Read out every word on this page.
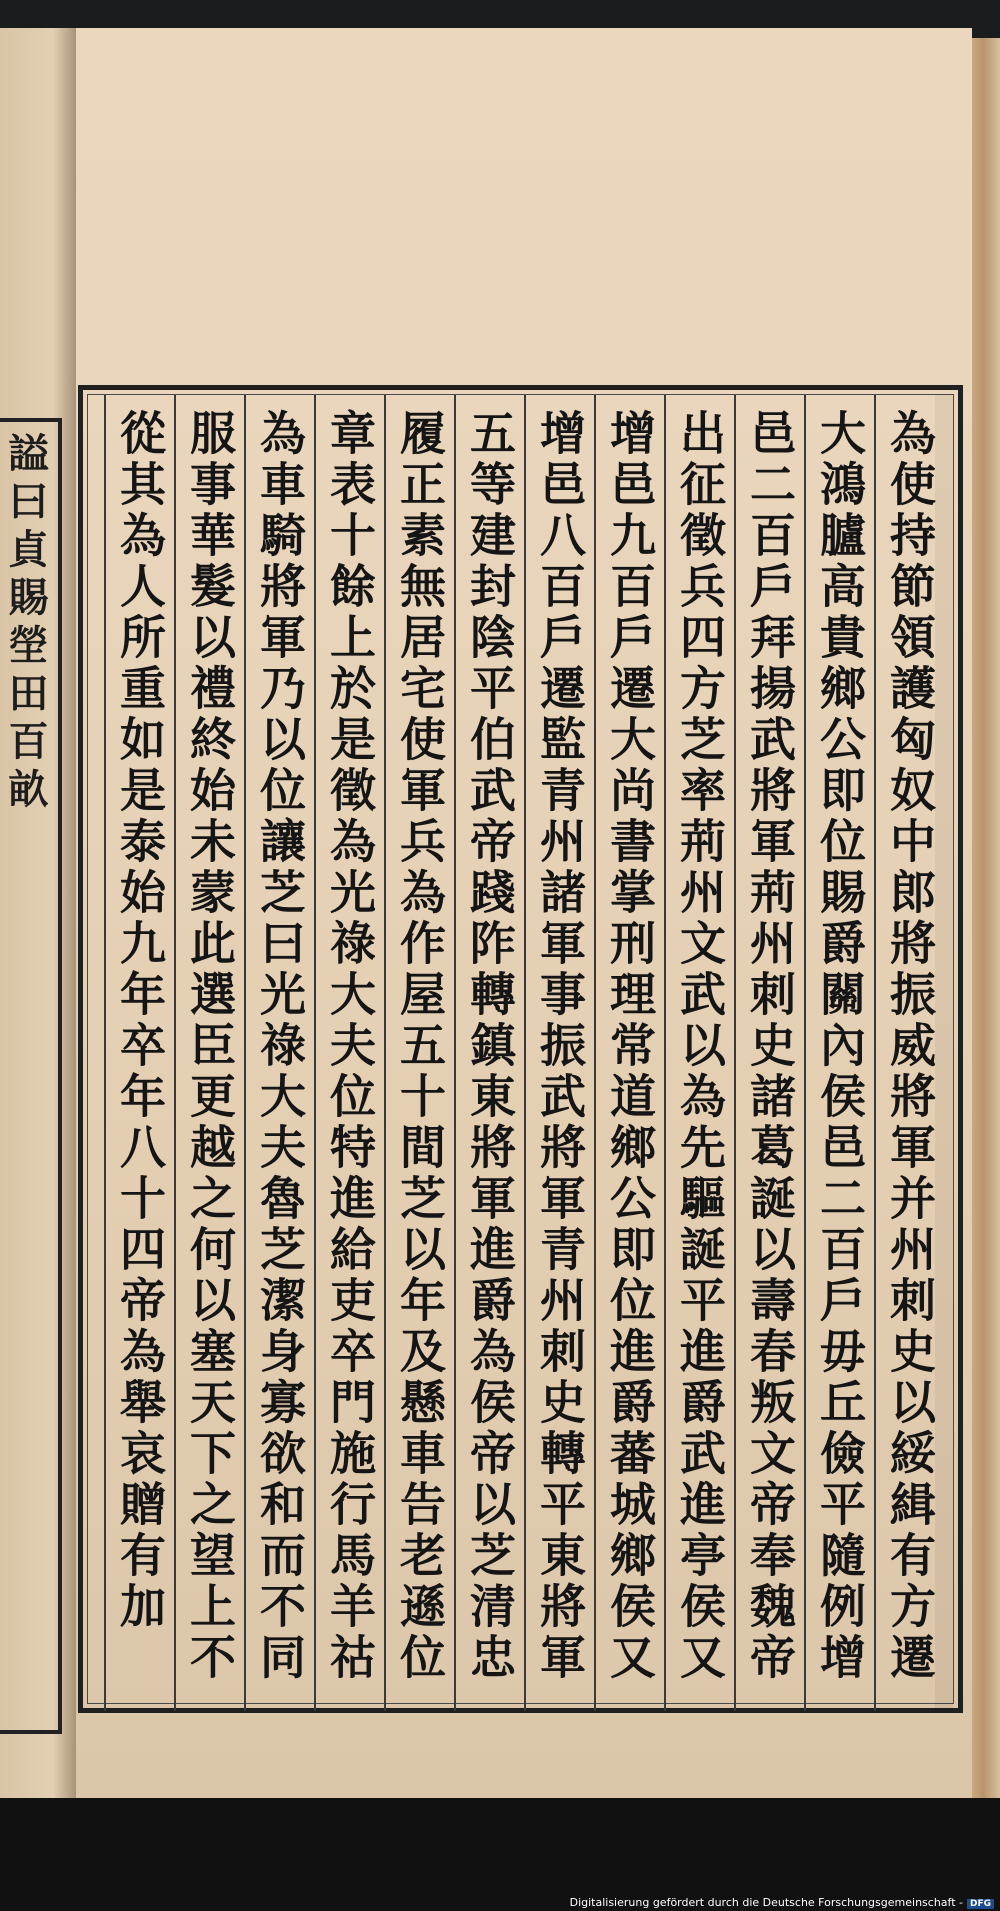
謚曰貞賜塋田百畝	為使持節領護匈奴中郎將振威將軍并州刺史以綏緝有方遷
大鴻臚高貴鄉公即位賜爵關內侯邑二百戶毋丘儉平隨例增
邑二百戶拜揚武將軍荊州刺史諸葛誕以壽春叛文帝奉魏帝
出征徵兵四方芝率荊州文武以為先驅誕平進爵武進亭侯又
增邑九百戶遷大尚書掌刑理常道鄉公即位進爵蕃城鄉侯又
增邑八百戶遷監青州諸軍事振武將軍青州刺史轉平東將軍
五等建封陰平伯武帝踐阼轉鎮東將軍進爵為侯帝以芝清忠
履正素無居宅使軍兵為作屋五十間芝以年及懸車告老遜位
章表十餘上於是徵為光祿大夫位特進給吏卒門施行馬羊祜
為車騎將軍乃以位讓芝曰光祿大夫魯芝潔身寡欲和而不同
服事華髮以禮終始未蒙此選臣更越之何以塞天下之望上不
從其為人所重如是泰始九年卒年八十四帝為舉哀贈有加
Digitalisierung gefördert durch die Deutsche Forschungsgemeinschaft - DFG
